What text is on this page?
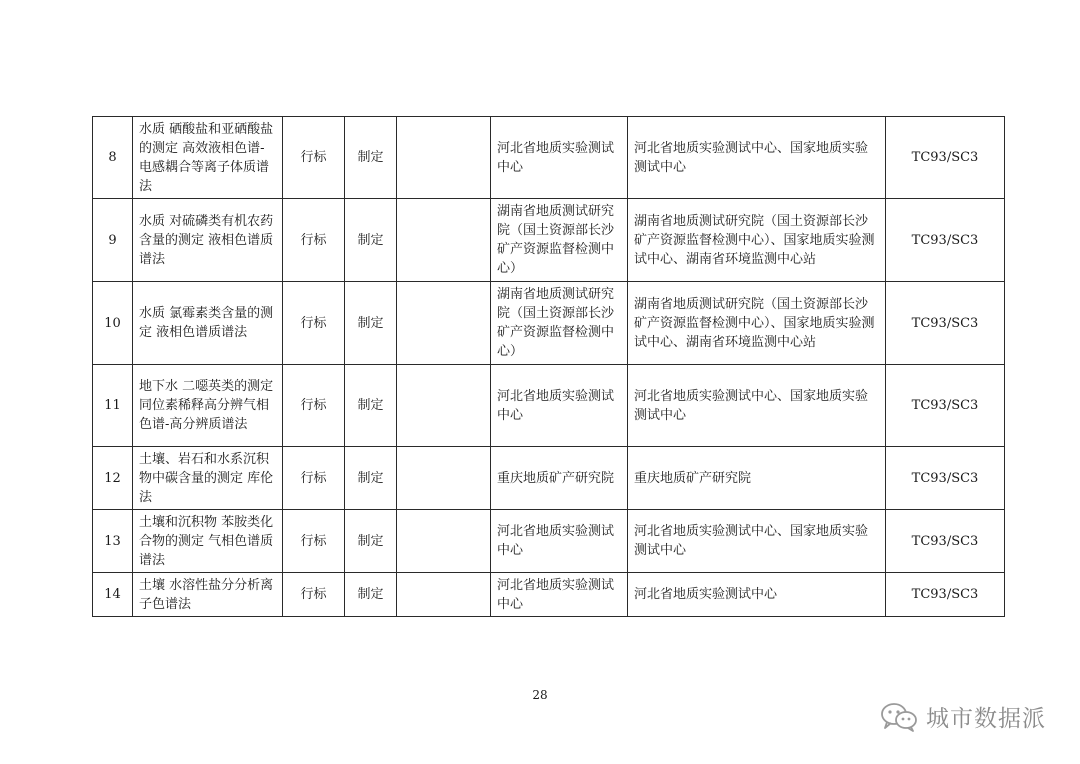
8	水质 硒酸盐和亚硒酸盐的测定 高效液相色谱-电感耦合等离子体质谱法	行标	制定		河北省地质实验测试中心	河北省地质实验测试中心、国家地质实验测试中心	TC93/SC3
9	水质 对硫磷类有机农药含量的测定 液相色谱质谱法	行标	制定		湖南省地质测试研究院（国土资源部长沙矿产资源监督检测中心）	湖南省地质测试研究院（国土资源部长沙矿产资源监督检测中心）、国家地质实验测试中心、湖南省环境监测中心站	TC93/SC3
10	水质 氯霉素类含量的测定 液相色谱质谱法	行标	制定		湖南省地质测试研究院（国土资源部长沙矿产资源监督检测中心）	湖南省地质测试研究院（国土资源部长沙矿产资源监督检测中心）、国家地质实验测试中心、湖南省环境监测中心站	TC93/SC3
11	地下水 二噁英类的测定 同位素稀释高分辨气相色谱-高分辨质谱法	行标	制定		河北省地质实验测试中心	河北省地质实验测试中心、国家地质实验测试中心	TC93/SC3
12	土壤、岩石和水系沉积物中碳含量的测定 库伦法	行标	制定		重庆地质矿产研究院	重庆地质矿产研究院	TC93/SC3
13	土壤和沉积物 苯胺类化合物的测定 气相色谱质谱法	行标	制定		河北省地质实验测试中心	河北省地质实验测试中心、国家地质实验测试中心	TC93/SC3
14	土壤 水溶性盐分分析离子色谱法	行标	制定		河北省地质实验测试中心	河北省地质实验测试中心	TC93/SC3
28
城市数据派
